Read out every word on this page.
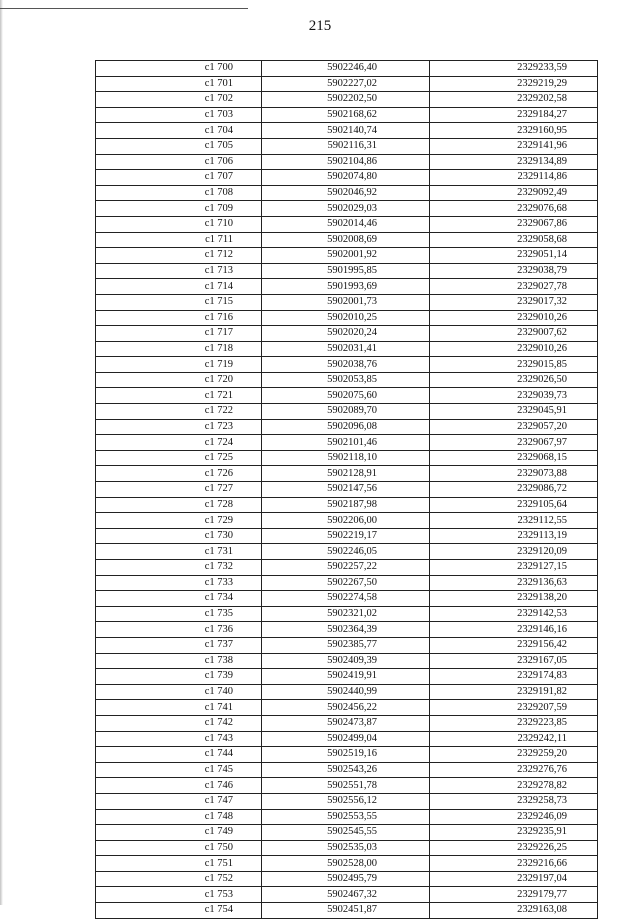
215
с1 700	5902246,40	2329233,59
с1 701	5902227,02	2329219,29
с1 702	5902202,50	2329202,58
с1 703	5902168,62	2329184,27
с1 704	5902140,74	2329160,95
с1 705	5902116,31	2329141,96
с1 706	5902104,86	2329134,89
с1 707	5902074,80	2329114,86
с1 708	5902046,92	2329092,49
с1 709	5902029,03	2329076,68
с1 710	5902014,46	2329067,86
с1 711	5902008,69	2329058,68
с1 712	5902001,92	2329051,14
с1 713	5901995,85	2329038,79
с1 714	5901993,69	2329027,78
с1 715	5902001,73	2329017,32
с1 716	5902010,25	2329010,26
с1 717	5902020,24	2329007,62
с1 718	5902031,41	2329010,26
с1 719	5902038,76	2329015,85
с1 720	5902053,85	2329026,50
с1 721	5902075,60	2329039,73
с1 722	5902089,70	2329045,91
с1 723	5902096,08	2329057,20
с1 724	5902101,46	2329067,97
с1 725	5902118,10	2329068,15
с1 726	5902128,91	2329073,88
с1 727	5902147,56	2329086,72
с1 728	5902187,98	2329105,64
с1 729	5902206,00	2329112,55
с1 730	5902219,17	2329113,19
с1 731	5902246,05	2329120,09
с1 732	5902257,22	2329127,15
с1 733	5902267,50	2329136,63
с1 734	5902274,58	2329138,20
с1 735	5902321,02	2329142,53
с1 736	5902364,39	2329146,16
с1 737	5902385,77	2329156,42
с1 738	5902409,39	2329167,05
с1 739	5902419,91	2329174,83
с1 740	5902440,99	2329191,82
с1 741	5902456,22	2329207,59
с1 742	5902473,87	2329223,85
с1 743	5902499,04	2329242,11
с1 744	5902519,16	2329259,20
с1 745	5902543,26	2329276,76
с1 746	5902551,78	2329278,82
с1 747	5902556,12	2329258,73
с1 748	5902553,55	2329246,09
с1 749	5902545,55	2329235,91
с1 750	5902535,03	2329226,25
с1 751	5902528,00	2329216,66
с1 752	5902495,79	2329197,04
с1 753	5902467,32	2329179,77
с1 754	5902451,87	2329163,08
